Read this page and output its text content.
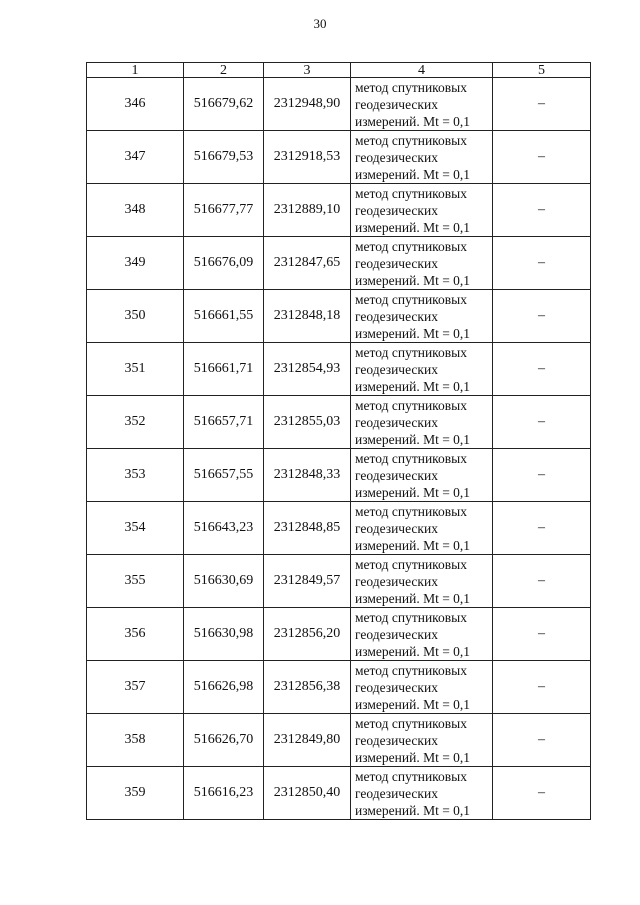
30
1	2	3	4	5
346	516679,62	2312948,90	метод спутниковых
геодезических
измерений. Mt = 0,1	–
347	516679,53	2312918,53	метод спутниковых
геодезических
измерений. Mt = 0,1	–
348	516677,77	2312889,10	метод спутниковых
геодезических
измерений. Mt = 0,1	–
349	516676,09	2312847,65	метод спутниковых
геодезических
измерений. Mt = 0,1	–
350	516661,55	2312848,18	метод спутниковых
геодезических
измерений. Mt = 0,1	–
351	516661,71	2312854,93	метод спутниковых
геодезических
измерений. Mt = 0,1	–
352	516657,71	2312855,03	метод спутниковых
геодезических
измерений. Mt = 0,1	–
353	516657,55	2312848,33	метод спутниковых
геодезических
измерений. Mt = 0,1	–
354	516643,23	2312848,85	метод спутниковых
геодезических
измерений. Mt = 0,1	–
355	516630,69	2312849,57	метод спутниковых
геодезических
измерений. Mt = 0,1	–
356	516630,98	2312856,20	метод спутниковых
геодезических
измерений. Mt = 0,1	–
357	516626,98	2312856,38	метод спутниковых
геодезических
измерений. Mt = 0,1	–
358	516626,70	2312849,80	метод спутниковых
геодезических
измерений. Mt = 0,1	–
359	516616,23	2312850,40	метод спутниковых
геодезических
измерений. Mt = 0,1	–
